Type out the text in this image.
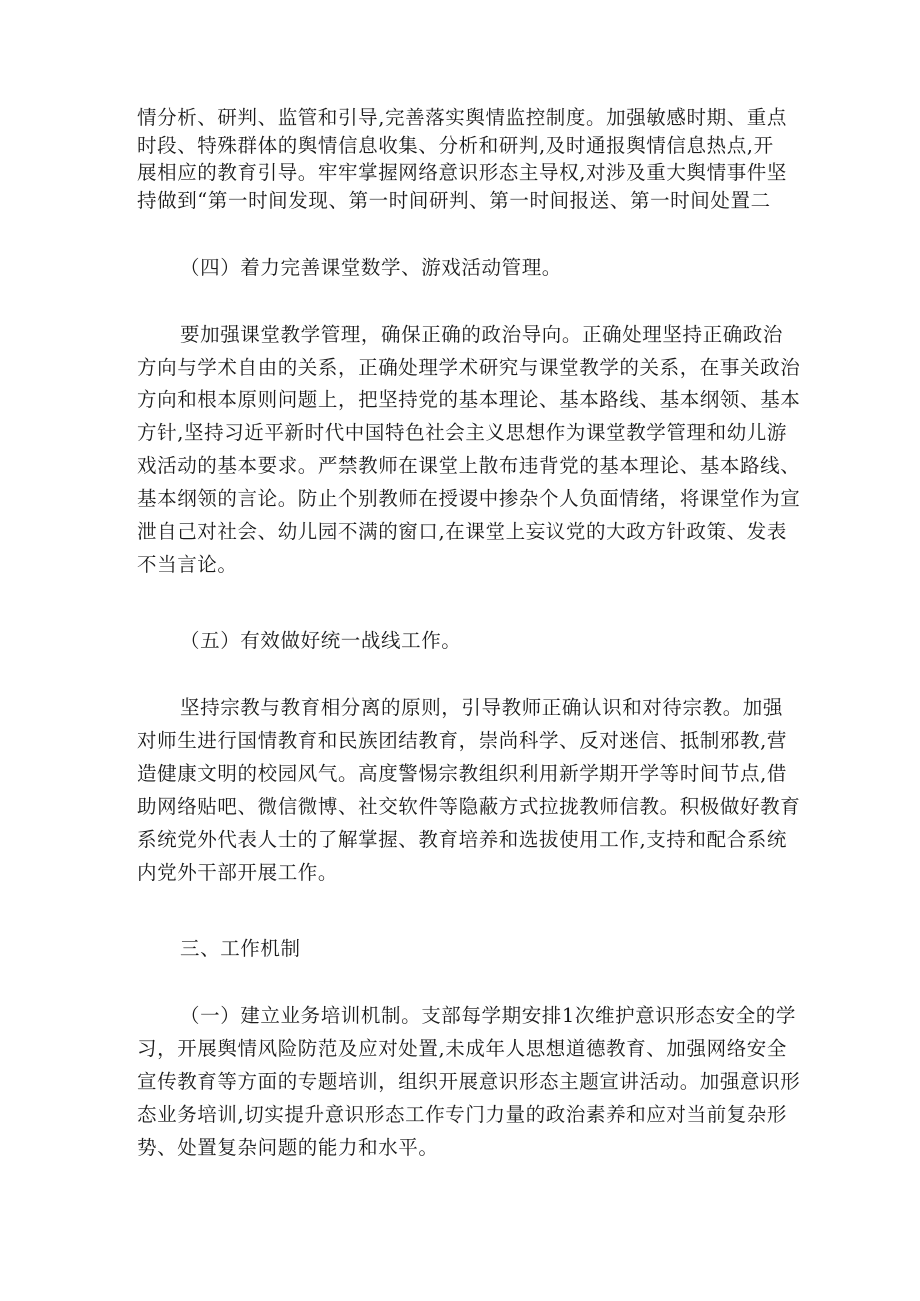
情分析、研判、监管和引导,完善落实舆情监控制度。加强敏感时期、重点
时段、特殊群体的舆情信息收集、分析和研判,及时通报舆情信息热点,开
展相应的教育引导。牢牢掌握网络意识形态主导权,对涉及重大舆情事件坚
持做到“第一时间发现、第一时间研判、第一时间报送、第一时间处置二
（四）着力完善课堂数学、游戏活动管理。
要加强课堂教学管理，确保正确的政治导向。正确处理坚持正确政治
方向与学术自由的关系，正确处理学术研究与课堂教学的关系，在事关政治
方向和根本原则问题上，把坚持党的基本理论、基本路线、基本纲领、基本
方针,坚持习近平新时代中国特色社会主义思想作为课堂教学管理和幼儿游
戏活动的基本要求。严禁教师在课堂上散布违背党的基本理论、基本路线、
基本纲领的言论。防止个别教师在授谡中掺杂个人负面情绪，将课堂作为宣
泄自己对社会、幼儿园不满的窗口,在课堂上妄议党的大政方针政策、发表
不当言论。
（五）有效做好统一战线工作。
坚持宗教与教育相分离的原则，引导教师正确认识和对待宗教。加强
对师生进行国情教育和民族团结教育，崇尚科学、反对迷信、抵制邪教,营
造健康文明的校园风气。高度警惕宗教组织利用新学期开学等时间节点,借
助网络贴吧、微信微博、社交软件等隐蔽方式拉拢教师信教。积极做好教育
系统党外代表人士的了解掌握、教育培养和选拔使用工作,支持和配合系统
内党外干部开展工作。
三、工作机制
（一）建立业务培训机制。支部每学期安排1次维护意识形态安全的学
习，开展舆情风险防范及应对处置,未成年人思想道德教育、加强网络安全
宣传教育等方面的专题培训，组织开展意识形态主题宣讲活动。加强意识形
态业务培训,切实提升意识形态工作专门力量的政治素养和应对当前复杂形
势、处置复杂问题的能力和水平。
